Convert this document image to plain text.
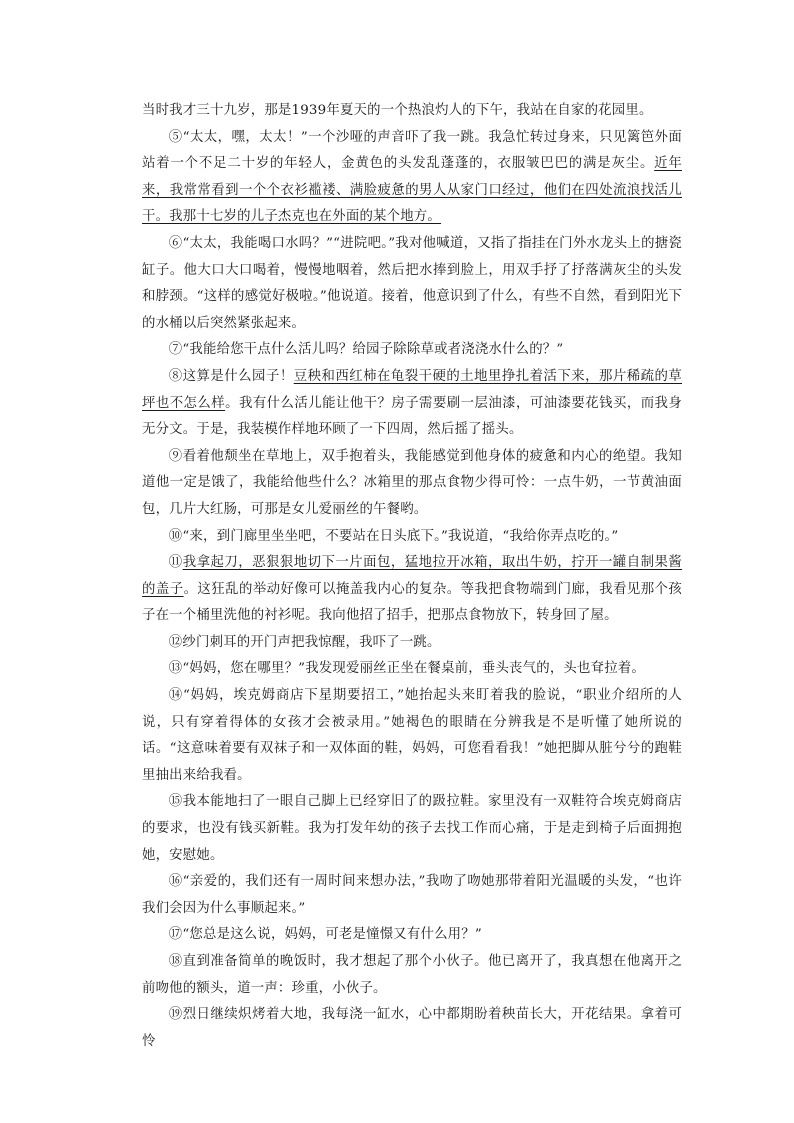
当时我才三十九岁，那是1939年夏天的一个热浪灼人的下午，我站在自家的花园里。

⑤“太太，嘿，太太！”一个沙哑的声音吓了我一跳。我急忙转过身来，只见篱笆外面站着一个不足二十岁的年轻人，金黄色的头发乱蓬蓬的，衣服皱巴巴的满是灰尘。近年来，我常常看到一个个衣衫褴褛、满脸疲惫的男人从家门口经过，他们在四处流浪找活儿干。我那十七岁的儿子杰克也在外面的某个地方。

⑥“太太，我能喝口水吗？”“进院吧。”我对他喊道，又指了指挂在门外水龙头上的搪瓷缸子。他大口大口喝着，慢慢地咽着，然后把水捧到脸上，用双手抒了抒落满灰尘的头发和脖颈。“这样的感觉好极啦。”他说道。接着，他意识到了什么，有些不自然，看到阳光下的水桶以后突然紧张起来。

⑦“我能给您干点什么活儿吗？给园子除除草或者浇浇水什么的？”

⑧这算是什么园子！豆秧和西红柿在龟裂干硬的土地里挣扎着活下来，那片稀疏的草坪也不怎么样。我有什么活儿能让他干？房子需要刷一层油漆，可油漆要花钱买，而我身无分文。于是，我装模作样地环顾了一下四周，然后摇了摇头。

⑨看着他颓坐在草地上，双手抱着头，我能感觉到他身体的疲惫和内心的绝望。我知道他一定是饿了，我能给他些什么？冰箱里的那点食物少得可怜：一点牛奶，一节黄油面包，几片大红肠，可那是女儿爱丽丝的午餐哟。

⑩“来，到门廊里坐坐吧，不要站在日头底下。”我说道，“我给你弄点吃的。”

⑪我拿起刀，恶狠狠地切下一片面包，猛地拉开冰箱，取出牛奶，拧开一罐自制果酱的盖子。这狂乱的举动好像可以掩盖我内心的复杂。等我把食物端到门廊，我看见那个孩子在一个桶里洗他的衬衫呢。我向他招了招手，把那点食物放下，转身回了屋。

⑫纱门刺耳的开门声把我惊醒，我吓了一跳。

⑬“妈妈，您在哪里？”我发现爱丽丝正坐在餐桌前，垂头丧气的，头也耷拉着。

⑭“妈妈，埃克姆商店下星期要招工，”她抬起头来盯着我的脸说，“职业介绍所的人说，只有穿着得体的女孩才会被录用。”她褐色的眼睛在分辨我是不是听懂了她所说的话。“这意味着要有双袜子和一双体面的鞋，妈妈，可您看看我！”她把脚从脏兮兮的跑鞋里抽出来给我看。

⑮我本能地扫了一眼自己脚上已经穿旧了的趿拉鞋。家里没有一双鞋符合埃克姆商店的要求，也没有钱买新鞋。我为打发年幼的孩子去找工作而心痛，于是走到椅子后面拥抱她，安慰她。

⑯“亲爱的，我们还有一周时间来想办法，”我吻了吻她那带着阳光温暖的头发，“也许我们会因为什么事顺起来。”

⑰“您总是这么说，妈妈，可老是憧憬又有什么用？”

⑱直到准备简单的晚饭时，我才想起了那个小伙子。他已离开了，我真想在他离开之前吻他的额头，道一声：珍重，小伙子。

⑲烈日继续炽烤着大地，我每浇一缸水，心中都期盼着秧苗长大，开花结果。拿着可怜
